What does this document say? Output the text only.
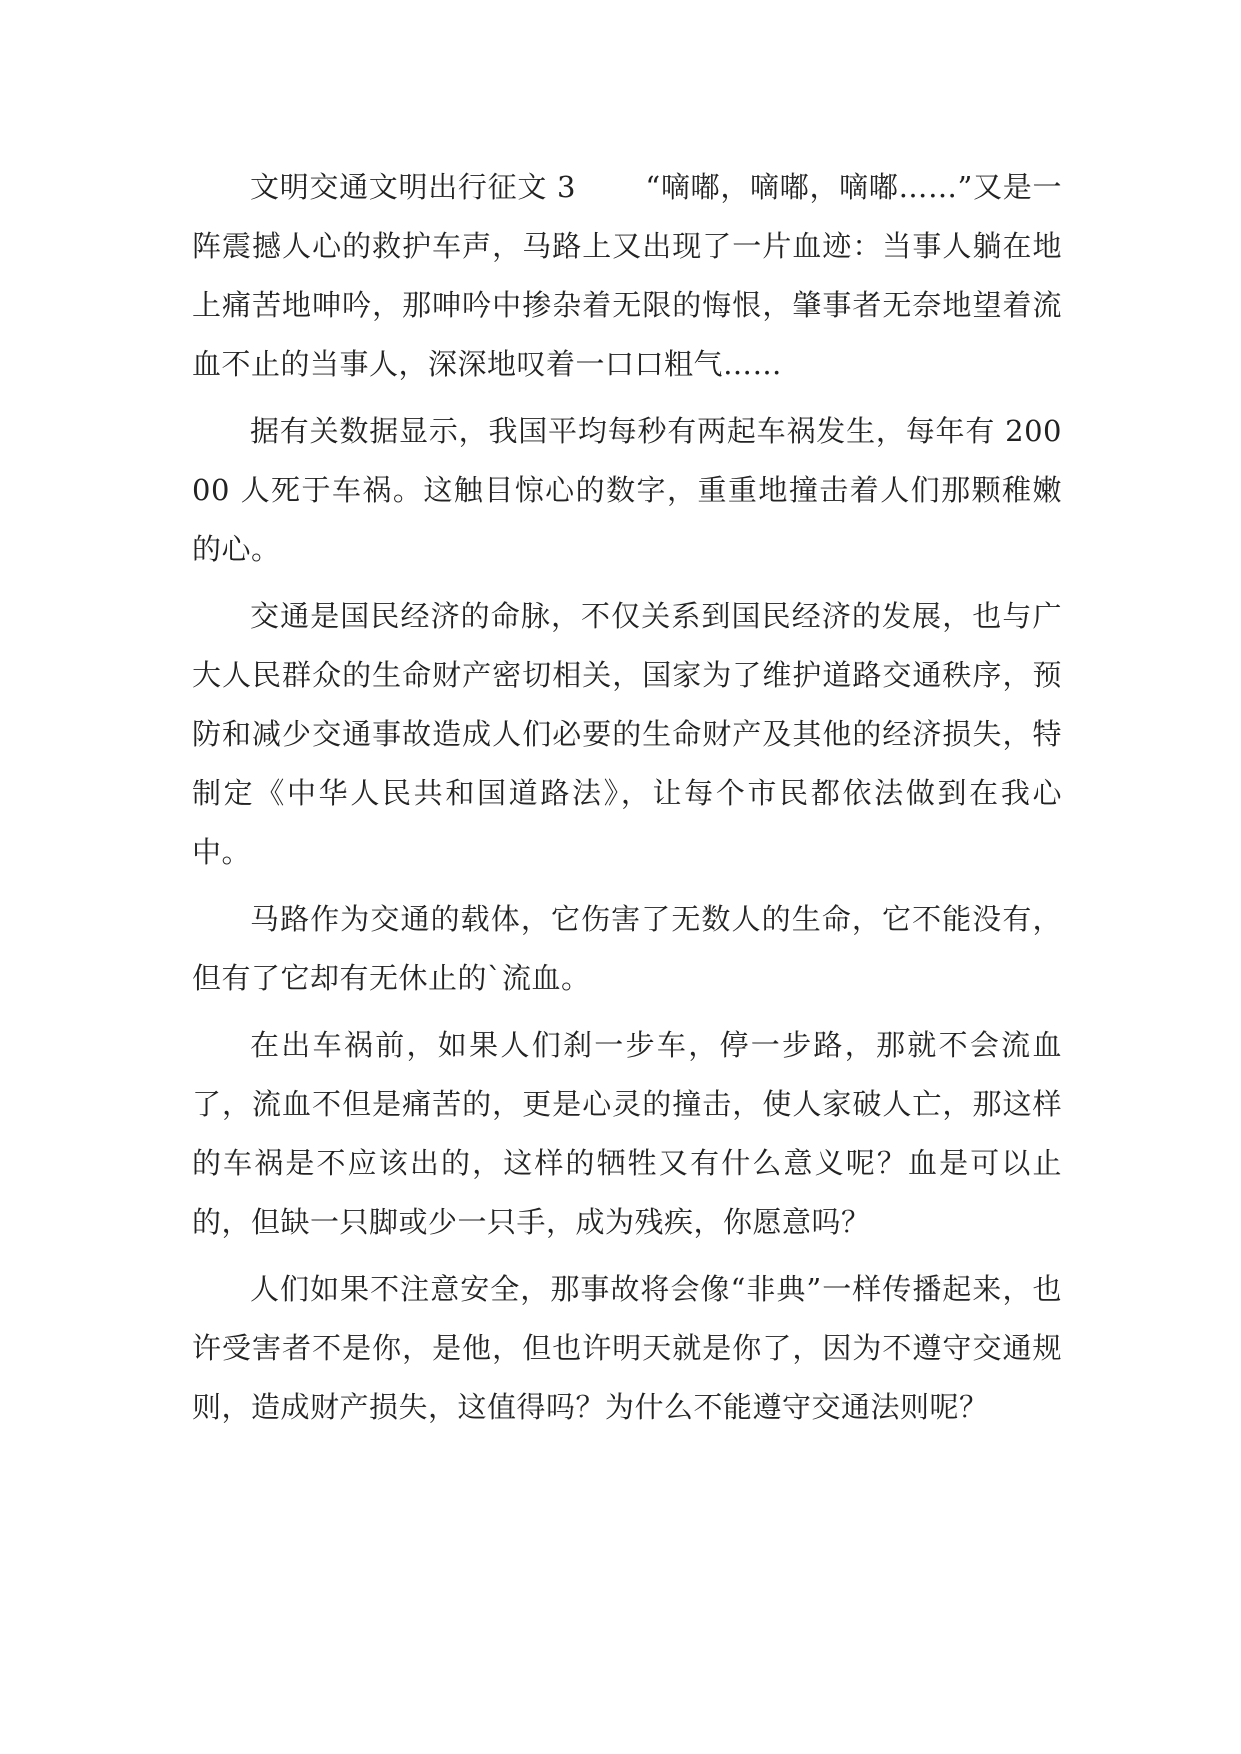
文明交通文明出行征文 3　　 “嘀嘟，嘀嘟，嘀嘟……”又是一阵震撼人心的救护车声，马路上又出现了一片血迹：当事人躺在地上痛苦地呻吟，那呻吟中掺杂着无限的悔恨，肇事者无奈地望着流血不止的当事人，深深地叹着一口口粗气……

据有关数据显示，我国平均每秒有两起车祸发生，每年有 20000 人死于车祸。这触目惊心的数字，重重地撞击着人们那颗稚嫩的心。

交通是国民经济的命脉，不仅关系到国民经济的发展，也与广大人民群众的生命财产密切相关，国家为了维护道路交通秩序，预防和减少交通事故造成人们必要的生命财产及其他的经济损失，特制定《中华人民共和国道路法》，让每个市民都依法做到在我心中。

马路作为交通的载体，它伤害了无数人的生命，它不能没有，但有了它却有无休止的`流血。

在出车祸前，如果人们刹一步车，停一步路，那就不会流血了，流血不但是痛苦的，更是心灵的撞击，使人家破人亡，那这样的车祸是不应该出的，这样的牺牲又有什么意义呢？血是可以止的，但缺一只脚或少一只手，成为残疾，你愿意吗？

人们如果不注意安全，那事故将会像“非典”一样传播起来，也许受害者不是你，是他，但也许明天就是你了，因为不遵守交通规则，造成财产损失，这值得吗？为什么不能遵守交通法则呢？
